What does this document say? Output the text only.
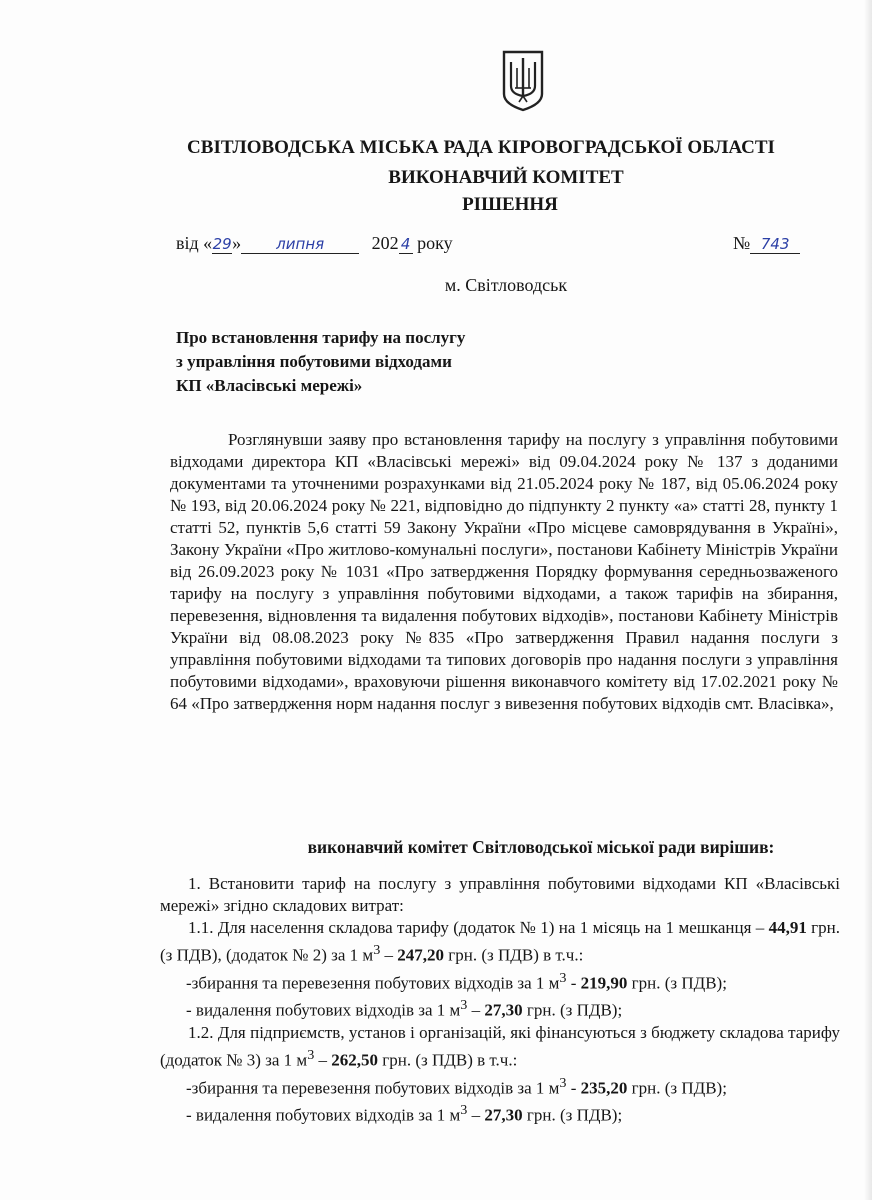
СВІТЛОВОДСЬКА МІСЬКА РАДА КІРОВОГРАДСЬКОЇ ОБЛАСТІ
ВИКОНАВЧИЙ КОМІТЕТ
РІШЕННЯ
від «29» липня	202 4 року	№ 743
м. Світловодськ
Про встановлення тарифу на послугу
з управління побутовими відходами
КП «Власівські мережі»

Розглянувши заяву про встановлення тарифу на послугу з управління побутовими відходами директора КП «Власівські мережі» від 09.04.2024 року № 137 з доданими документами та уточненими розрахунками від 21.05.2024 року № 187, від 05.06.2024 року № 193, від 20.06.2024 року № 221, відповідно до підпункту 2 пункту «а» статті 28, пункту 1 статті 52, пунктів 5,6 статті 59 Закону України «Про місцеве самоврядування в Україні», Закону України «Про житлово-комунальні послуги», постанови Кабінету Міністрів України від 26.09.2023 року № 1031 «Про затвердження Порядку формування середньозваженого тарифу на послугу з управління побутовими відходами, а також тарифів на збирання, перевезення, відновлення та видалення побутових відходів», постанови Кабінету Міністрів України від 08.08.2023 року №835 «Про затвердження Правил надання послуги з управління побутовими відходами та типових договорів про надання послуги з управління побутовими відходами», враховуючи рішення виконавчого комітету від 17.02.2021 року № 64 «Про затвердження норм надання послуг з вивезення побутових відходів смт. Власівка»,

виконавчий комітет Світловодської міської ради вирішив:

1. Встановити тариф на послугу з управління побутовими відходами КП «Власівські мережі» згідно складових витрат:

1.1. Для населення складова тарифу (додаток № 1) на 1 місяць на 1 мешканця – 44,91 грн. (з ПДВ), (додаток № 2) за 1 $м^3 - 247,20$ грн. (з ПДВ) в т.ч.:

-збирання та перевезення побутових відходів за 1 $м^3 - 219,90$ грн. (з ПДВ);

- видалення побутових відходів за 1 $м^3 - 27,30$ грн. (з ПДВ);

1.2. Для підприємств, установ і організацій, які фінансуються з бюджету складова тарифу (додаток № 3) за 1 $м^3 - 262,50$ грн. (з ПДВ) в т.ч.:

-збирання та перевезення побутових відходів за 1 $м^3 - 235,20$ грн. (з ПДВ);

- видалення побутових відходів за 1 $м^3 - 27,30$ грн. (з ПДВ);
